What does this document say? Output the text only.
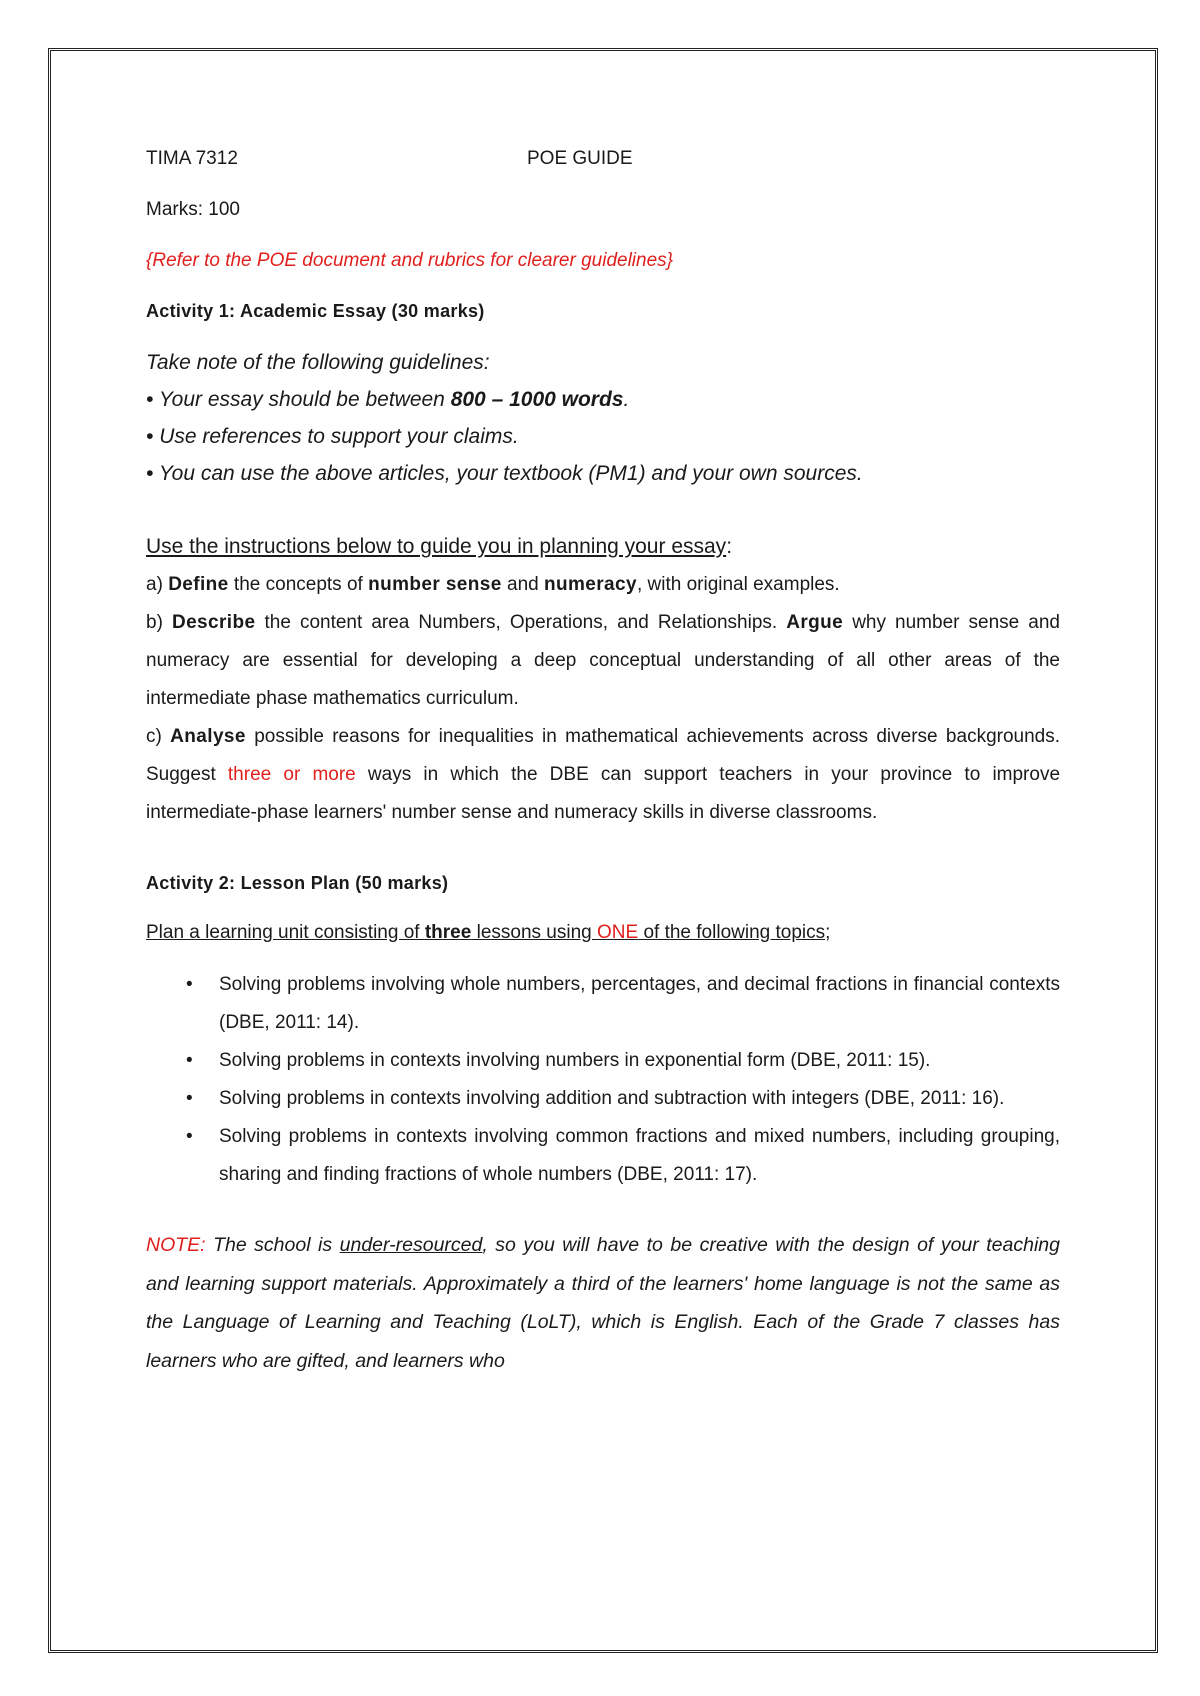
TIMA 7312	POE GUIDE

Marks: 100

{Refer to the POE document and rubrics for clearer guidelines}

Activity 1: Academic Essay (30 marks)

Take note of the following guidelines:

• Your essay should be between 800 – 1000 words.

• Use references to support your claims.

• You can use the above articles, your textbook (PM1) and your own sources.

Use the instructions below to guide you in planning your essay:

a) Define the concepts of number sense and numeracy, with original examples.

b) Describe the content area Numbers, Operations, and Relationships. Argue why number sense and numeracy are essential for developing a deep conceptual understanding of all other areas of the intermediate phase mathematics curriculum.

c) Analyse possible reasons for inequalities in mathematical achievements across diverse backgrounds. Suggest three or more ways in which the DBE can support teachers in your province to improve intermediate-phase learners' number sense and numeracy skills in diverse classrooms.

Activity 2: Lesson Plan (50 marks)

Plan a learning unit consisting of three lessons using ONE of the following topics;

• Solving problems involving whole numbers, percentages, and decimal fractions in financial contexts (DBE, 2011: 14).
• Solving problems in contexts involving numbers in exponential form (DBE, 2011: 15).
• Solving problems in contexts involving addition and subtraction with integers (DBE, 2011: 16).
• Solving problems in contexts involving common fractions and mixed numbers, including grouping, sharing and finding fractions of whole numbers (DBE, 2011: 17).

NOTE: The school is under-resourced, so you will have to be creative with the design of your teaching and learning support materials. Approximately a third of the learners' home language is not the same as the Language of Learning and Teaching (LoLT), which is English. Each of the Grade 7 classes has learners who are gifted, and learners who
